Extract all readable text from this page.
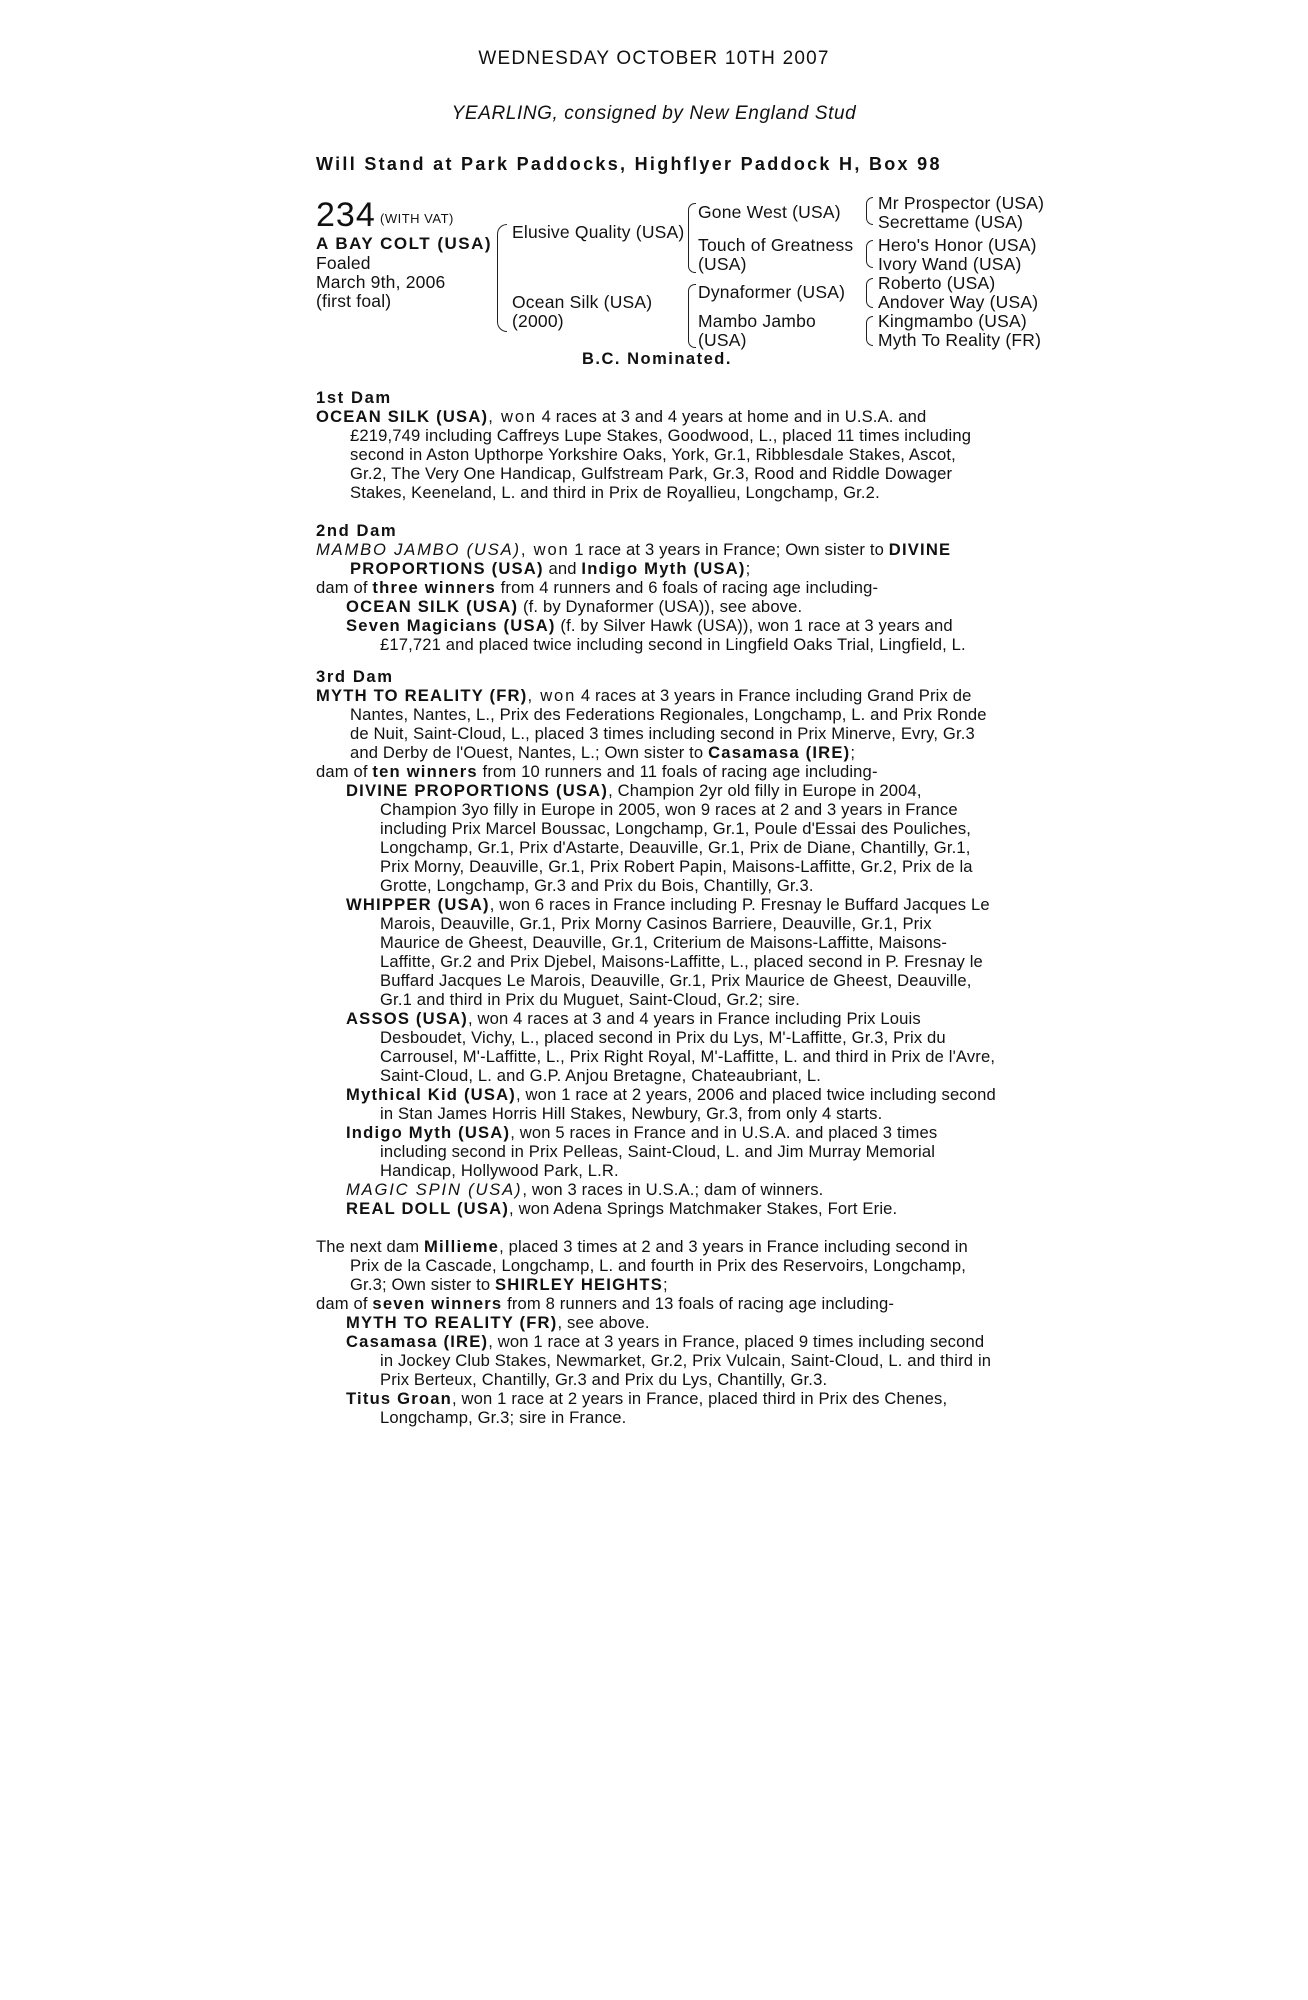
WEDNESDAY OCTOBER 10TH 2007
YEARLING, consigned by New England Stud
Will Stand at Park Paddocks, Highflyer Paddock H, Box 98
234 (WITH VAT)
A BAY COLT (USA)
Foaled
March 9th, 2006
(first foal)
Elusive Quality (USA)
Ocean Silk (USA)
(2000)
Gone West (USA)
Touch of Greatness
(USA)
Dynaformer (USA)
Mambo Jambo
(USA)
Mr Prospector (USA)
Secrettame (USA)
Hero's Honor (USA)
Ivory Wand (USA)
Roberto (USA)
Andover Way (USA)
Kingmambo (USA)
Myth To Reality (FR)
B.C. Nominated.

1st Dam

OCEAN SILK (USA), won 4 races at 3 and 4 years at home and in U.S.A. and £219,749 including Caffreys Lupe Stakes, Goodwood, L., placed 11 times including second in Aston Upthorpe Yorkshire Oaks, York, Gr.1, Ribblesdale Stakes, Ascot, Gr.2, The Very One Handicap, Gulfstream Park, Gr.3, Rood and Riddle Dowager Stakes, Keeneland, L. and third in Prix de Royallieu, Longchamp, Gr.2.

2nd Dam

MAMBO JAMBO (USA), won 1 race at 3 years in France; Own sister to DIVINE PROPORTIONS (USA) and Indigo Myth (USA);

dam of three winners from 4 runners and 6 foals of racing age including-

OCEAN SILK (USA) (f. by Dynaformer (USA)), see above.

Seven Magicians (USA) (f. by Silver Hawk (USA)), won 1 race at 3 years and £17,721 and placed twice including second in Lingfield Oaks Trial, Lingfield, L.

3rd Dam

MYTH TO REALITY (FR), won 4 races at 3 years in France including Grand Prix de Nantes, Nantes, L., Prix des Federations Regionales, Longchamp, L. and Prix Ronde de Nuit, Saint-Cloud, L., placed 3 times including second in Prix Minerve, Evry, Gr.3 and Derby de l'Ouest, Nantes, L.; Own sister to Casamasa (IRE);

dam of ten winners from 10 runners and 11 foals of racing age including-

DIVINE PROPORTIONS (USA), Champion 2yr old filly in Europe in 2004, Champion 3yo filly in Europe in 2005, won 9 races at 2 and 3 years in France including Prix Marcel Boussac, Longchamp, Gr.1, Poule d'Essai des Pouliches, Longchamp, Gr.1, Prix d'Astarte, Deauville, Gr.1, Prix de Diane, Chantilly, Gr.1, Prix Morny, Deauville, Gr.1, Prix Robert Papin, Maisons-Laffitte, Gr.2, Prix de la Grotte, Longchamp, Gr.3 and Prix du Bois, Chantilly, Gr.3.

WHIPPER (USA), won 6 races in France including P. Fresnay le Buffard Jacques Le Marois, Deauville, Gr.1, Prix Morny Casinos Barriere, Deauville, Gr.1, Prix Maurice de Gheest, Deauville, Gr.1, Criterium de Maisons-Laffitte, Maisons-Laffitte, Gr.2 and Prix Djebel, Maisons-Laffitte, L., placed second in P. Fresnay le Buffard Jacques Le Marois, Deauville, Gr.1, Prix Maurice de Gheest, Deauville, Gr.1 and third in Prix du Muguet, Saint-Cloud, Gr.2; sire.

ASSOS (USA), won 4 races at 3 and 4 years in France including Prix Louis Desboudet, Vichy, L., placed second in Prix du Lys, M'-Laffitte, Gr.3, Prix du Carrousel, M'-Laffitte, L., Prix Right Royal, M'-Laffitte, L. and third in Prix de l'Avre, Saint-Cloud, L. and G.P. Anjou Bretagne, Chateaubriant, L.

Mythical Kid (USA), won 1 race at 2 years, 2006 and placed twice including second in Stan James Horris Hill Stakes, Newbury, Gr.3, from only 4 starts.

Indigo Myth (USA), won 5 races in France and in U.S.A. and placed 3 times including second in Prix Pelleas, Saint-Cloud, L. and Jim Murray Memorial Handicap, Hollywood Park, L.R.

MAGIC SPIN (USA), won 3 races in U.S.A.; dam of winners.

REAL DOLL (USA), won Adena Springs Matchmaker Stakes, Fort Erie.

The next dam Millieme, placed 3 times at 2 and 3 years in France including second in Prix de la Cascade, Longchamp, L. and fourth in Prix des Reservoirs, Longchamp, Gr.3; Own sister to SHIRLEY HEIGHTS;

dam of seven winners from 8 runners and 13 foals of racing age including-

MYTH TO REALITY (FR), see above.

Casamasa (IRE), won 1 race at 3 years in France, placed 9 times including second in Jockey Club Stakes, Newmarket, Gr.2, Prix Vulcain, Saint-Cloud, L. and third in Prix Berteux, Chantilly, Gr.3 and Prix du Lys, Chantilly, Gr.3.

Titus Groan, won 1 race at 2 years in France, placed third in Prix des Chenes, Longchamp, Gr.3; sire in France.
